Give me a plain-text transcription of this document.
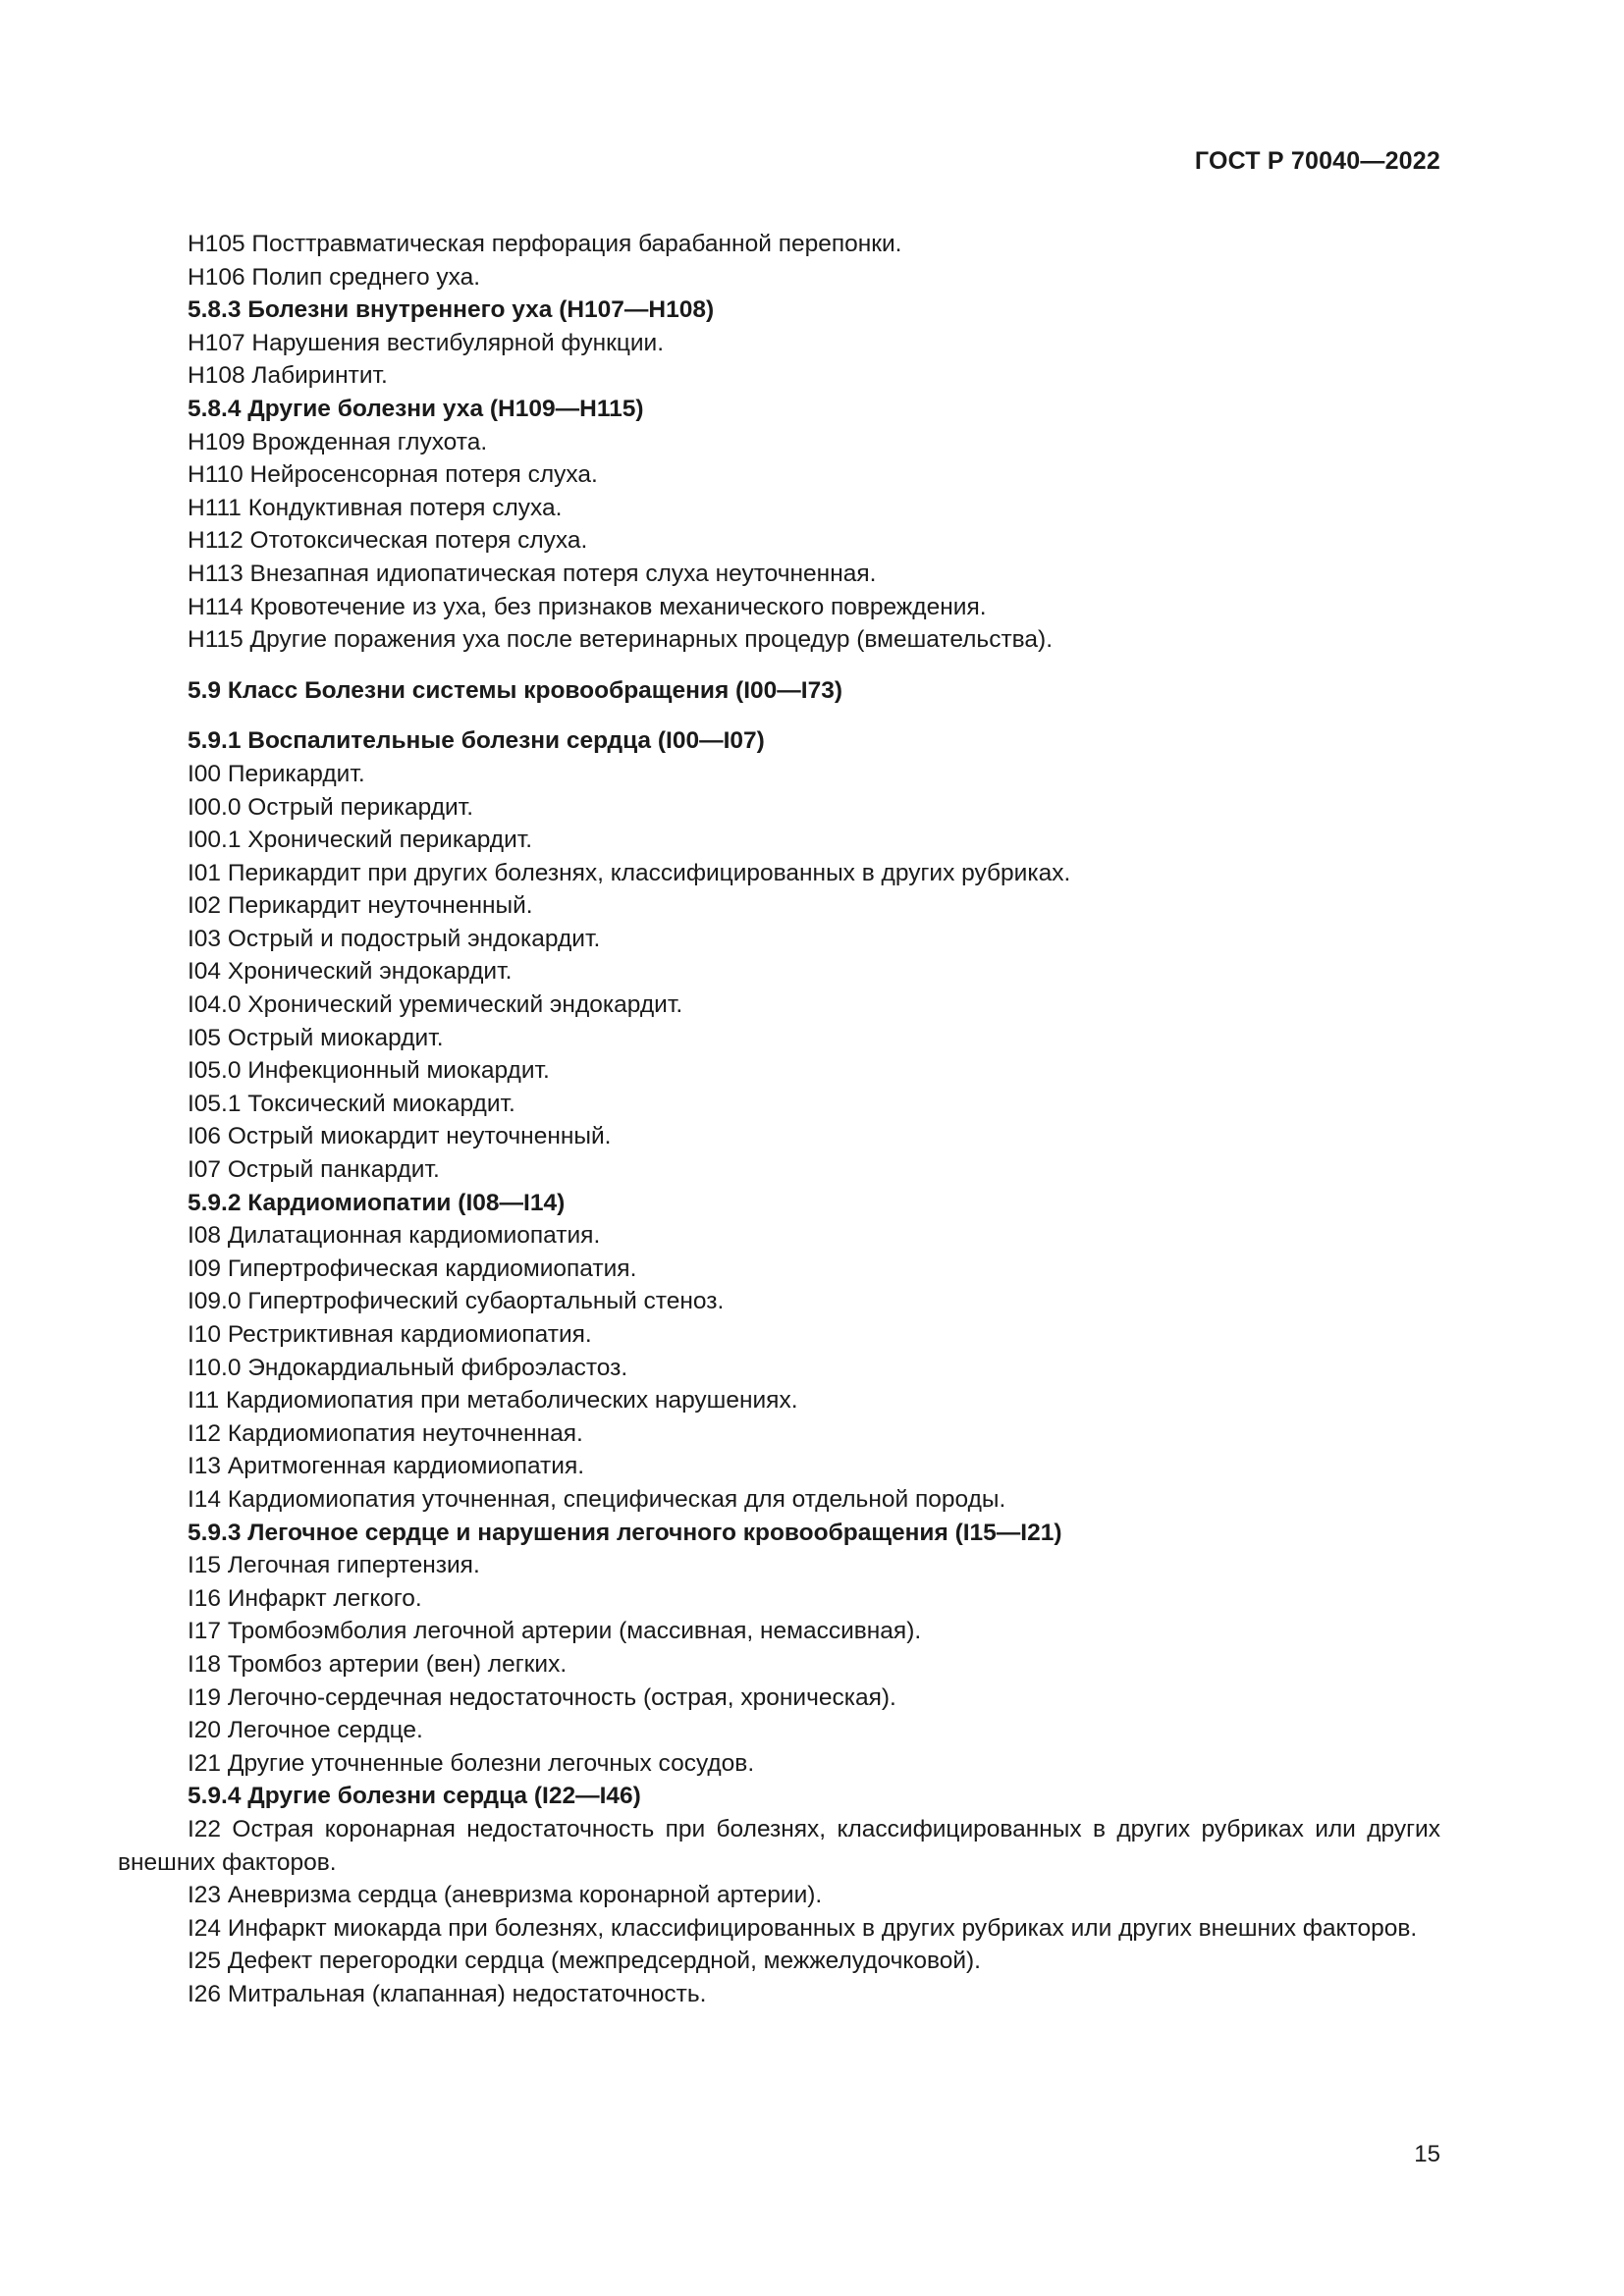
ГОСТ Р 70040—2022
H105 Посттравматическая перфорация барабанной перепонки.
H106 Полип среднего уха.
5.8.3 Болезни внутреннего уха (H107—H108)
H107 Нарушения вестибулярной функции.
H108 Лабиринтит.
5.8.4 Другие болезни уха (H109—H115)
H109 Врожденная глухота.
H110 Нейросенсорная потеря слуха.
H111 Кондуктивная потеря слуха.
H112 Ототоксическая потеря слуха.
H113 Внезапная идиопатическая потеря слуха неуточненная.
H114 Кровотечение из уха, без признаков механического повреждения.
H115 Другие поражения уха после ветеринарных процедур (вмешательства).
5.9 Класс Болезни системы кровообращения (I00—I73)
5.9.1 Воспалительные болезни сердца (I00—I07)
I00 Перикардит.
I00.0 Острый перикардит.
I00.1 Хронический перикардит.
I01 Перикардит при других болезнях, классифицированных в других рубриках.
I02 Перикардит неуточненный.
I03 Острый и подострый эндокардит.
I04 Хронический эндокардит.
I04.0 Хронический уремический эндокардит.
I05 Острый миокардит.
I05.0 Инфекционный миокардит.
I05.1 Токсический миокардит.
I06 Острый миокардит неуточненный.
I07 Острый панкардит.
5.9.2 Кардиомиопатии (I08—I14)
I08 Дилатационная кардиомиопатия.
I09 Гипертрофическая кардиомиопатия.
I09.0 Гипертрофический субаортальный стеноз.
I10 Рестриктивная кардиомиопатия.
I10.0 Эндокардиальный фиброэластоз.
I11 Кардиомиопатия при метаболических нарушениях.
I12 Кардиомиопатия неуточненная.
I13 Аритмогенная кардиомиопатия.
I14 Кардиомиопатия уточненная, специфическая для отдельной породы.
5.9.3 Легочное сердце и нарушения легочного кровообращения (I15—I21)
I15 Легочная гипертензия.
I16 Инфаркт легкого.
I17 Тромбоэмболия легочной артерии (массивная, немассивная).
I18 Тромбоз артерии (вен) легких.
I19 Легочно-сердечная недостаточность (острая, хроническая).
I20 Легочное сердце.
I21 Другие уточненные болезни легочных сосудов.
5.9.4 Другие болезни сердца (I22—I46)
I22 Острая коронарная недостаточность при болезнях, классифицированных в других рубриках или других внешних факторов.
I23 Аневризма сердца (аневризма коронарной артерии).
I24 Инфаркт миокарда при болезнях, классифицированных в других рубриках или других внешних факторов.
I25 Дефект перегородки сердца (межпредсердной, межжелудочковой).
I26 Митральная (клапанная) недостаточность.
15
